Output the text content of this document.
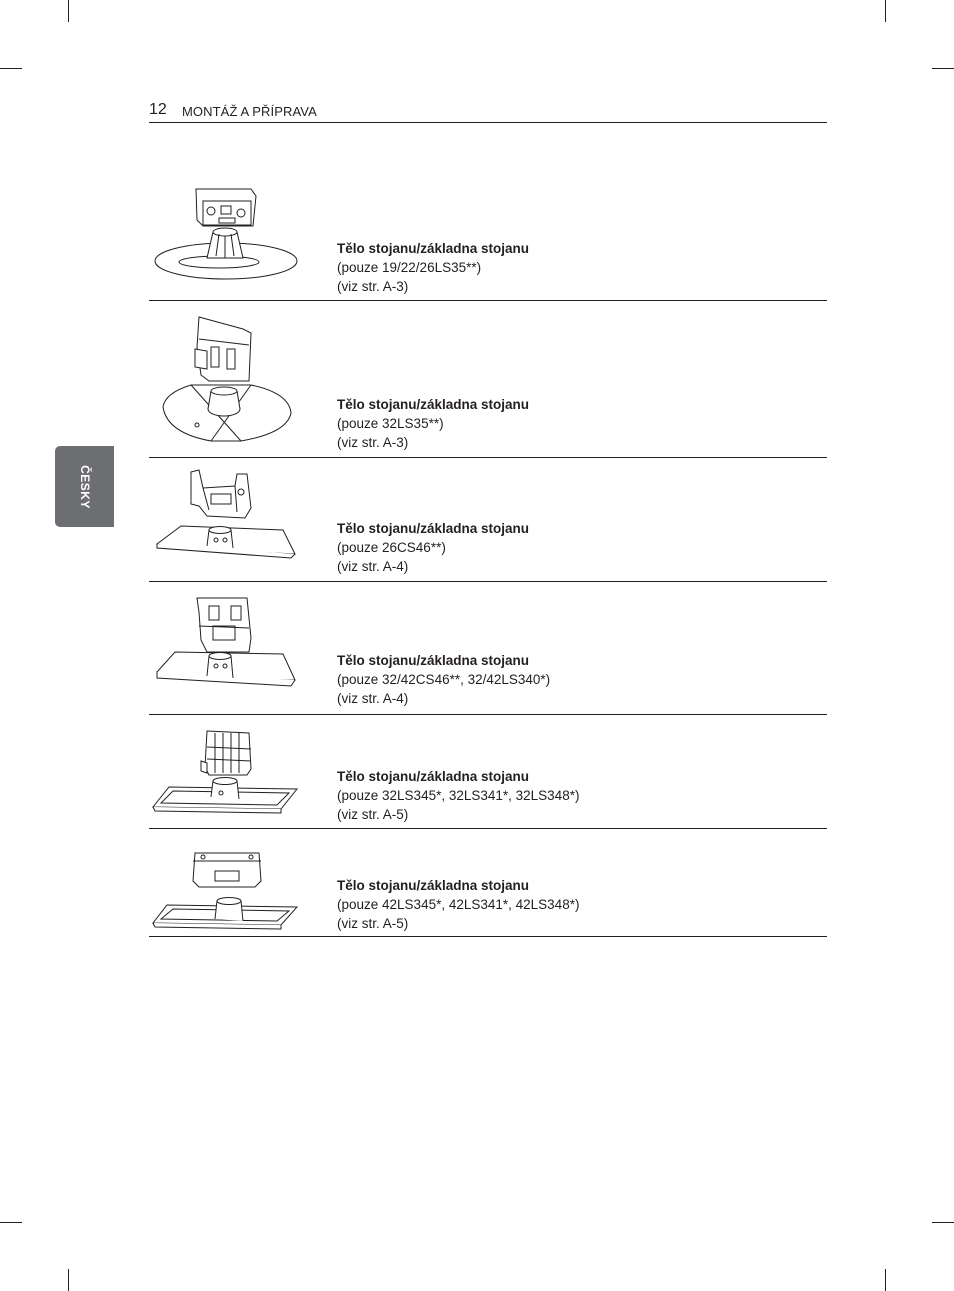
12 MONTÁŽ A PŘÍPRAVA
ČESKY
Tělo stojanu/základna stojanu
(pouze 19/22/26LS35**)
(viz str. A-3)
Tělo stojanu/základna stojanu
(pouze 32LS35**)
(viz str. A-3)
Tělo stojanu/základna stojanu
(pouze 26CS46**)
(viz str. A-4)
Tělo stojanu/základna stojanu
(pouze 32/42CS46**, 32/42LS340*)
(viz str. A-4)
Tělo stojanu/základna stojanu
(pouze 32LS345*, 32LS341*, 32LS348*)
(viz str. A-5)
Tělo stojanu/základna stojanu
(pouze 42LS345*, 42LS341*, 42LS348*)
(viz str. A-5)
